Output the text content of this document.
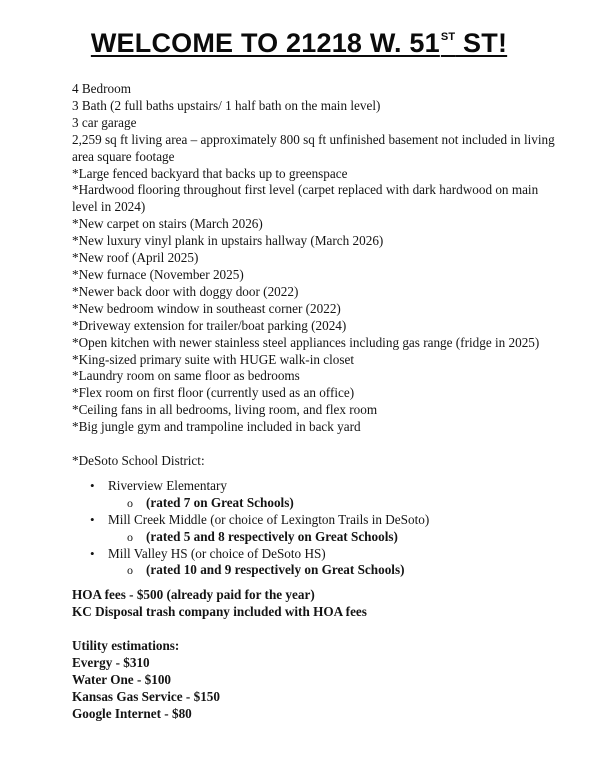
WELCOME TO 21218 W. 51ST ST!

4 Bedroom

3 Bath (2 full baths upstairs/ 1 half bath on the main level)

3 car garage

2,259 sq ft living area – approximately 800 sq ft unfinished basement not included in living area square footage

*Large fenced backyard that backs up to greenspace

*Hardwood flooring throughout first level (carpet replaced with dark hardwood on main level in 2024)

*New carpet on stairs (March 2026)

*New luxury vinyl plank in upstairs hallway (March 2026)

*New roof (April 2025)

*New furnace (November 2025)

*Newer back door with doggy door (2022)

*New bedroom window in southeast corner (2022)

*Driveway extension for trailer/boat parking (2024)

*Open kitchen with newer stainless steel appliances including gas range (fridge in 2025)

*King-sized primary suite with HUGE walk-in closet

*Laundry room on same floor as bedrooms

*Flex room on first floor (currently used as an office)

*Ceiling fans in all bedrooms, living room, and flex room

*Big jungle gym and trampoline included in back yard

*DeSoto School District:

• Riverview Elementary
o (rated 7 on Great Schools)
• Mill Creek Middle (or choice of Lexington Trails in DeSoto)
o (rated 5 and 8 respectively on Great Schools)
• Mill Valley HS (or choice of DeSoto HS)
o (rated 10 and 9 respectively on Great Schools)

HOA fees - $500 (already paid for the year)

KC Disposal trash company included with HOA fees

Utility estimations:

Evergy - $310

Water One - $100

Kansas Gas Service - $150

Google Internet - $80
